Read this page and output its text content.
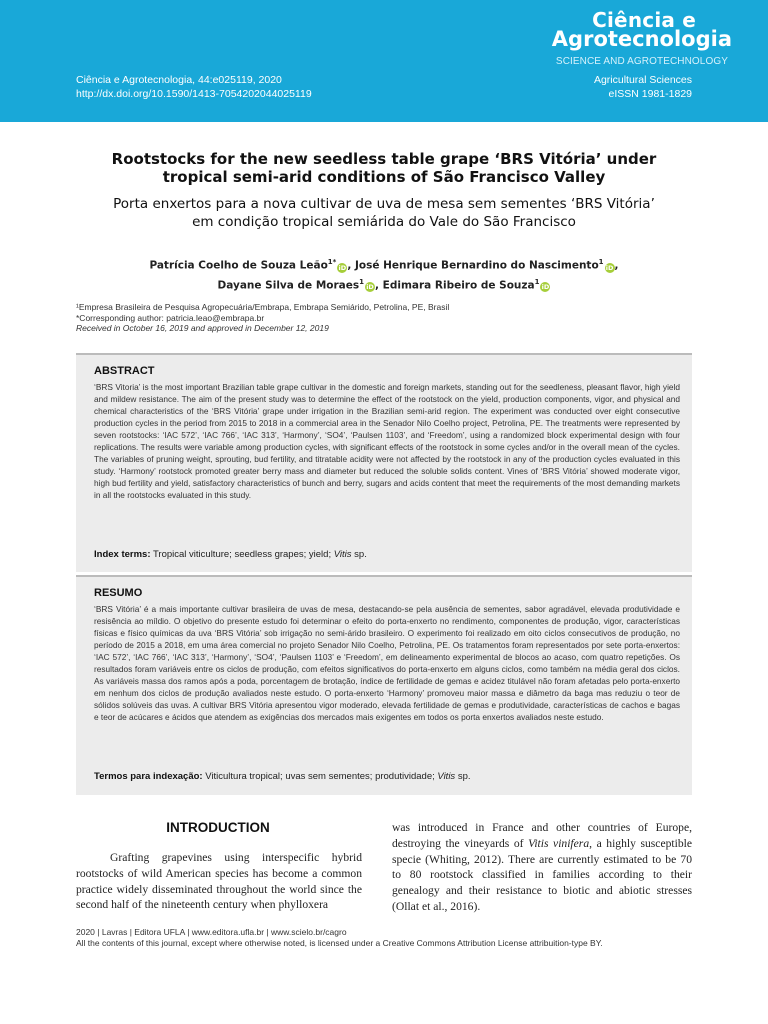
Ciência e
Agrotecnologia
SCIENCE AND AGROTECHNOLOGY
Ciência e Agrotecnologia, 44:e025119, 2020
http://dx.doi.org/10.1590/1413-7054202044025119
Agricultural Sciences
eISSN 1981-1829
Rootstocks for the new seedless table grape ‘BRS Vitória’ under
tropical semi-arid conditions of São Francisco Valley
Porta enxertos para a nova cultivar de uva de mesa sem sementes ‘BRS Vitória’
em condição tropical semiárida do Vale do São Francisco
Patrícia Coelho de Souza Leão$^{1*}$iD, José Henrique Bernardino do Nascimento$^1$iD,
Dayane Silva de Moraes$^1$iD, Edimara Ribeiro de Souza$^1$iD
¹Empresa Brasileira de Pesquisa Agropecuária/Embrapa, Embrapa Semiárido, Petrolina, PE, Brasil
*Corresponding author: patricia.leao@embrapa.br
Received in October 16, 2019 and approved in December 12, 2019
ABSTRACT

‘BRS Vitoria’ is the most important Brazilian table grape cultivar in the domestic and foreign markets, standing out for the seedleness, pleasant flavor, high yield and mildew resistance. The aim of the present study was to determine the effect of the rootstock on the yield, production components, vigor, and physical and chemical characteristics of the ‘BRS Vitória’ grape under irrigation in the Brazilian semi-arid region. The experiment was conducted over eight consecutive production cycles in the period from 2015 to 2018 in a commercial area in the Senador Nilo Coelho project, Petrolina, PE. The treatments were represented by seven rootstocks: ‘IAC 572’, ‘IAC 766’, ‘IAC 313’, ‘Harmony’, ‘SO4’, ‘Paulsen 1103’, and ‘Freedom’, using a randomized block experimental design with four replications. The results were variable among production cycles, with significant effects of the rootstock in some cycles and/or in the overall mean of the cycles. The variables of pruning weight, sprouting, bud fertility, and titratable acidity were not affected by the rootstock in any of the production cycles evaluated in this study. ‘Harmony’ rootstock promoted greater berry mass and diameter but reduced the soluble solids content. Vines of ‘BRS Vitória’ showed moderate vigor, high bud fertility and yield, satisfactory characteristics of bunch and berry, sugars and acids content that meet the requirements of the most demanding markets in all the rootstocks evaluated in this study.

Index terms: Tropical viticulture; seedless grapes; yield; Vitis sp.
RESUMO

‘BRS Vitória’ é a mais importante cultivar brasileira de uvas de mesa, destacando-se pela ausência de sementes, sabor agradável, elevada produtividade e resisência ao míldio. O objetivo do presente estudo foi determinar o efeito do porta-enxerto no rendimento, componentes de produção, vigor, características físicas e físico químicas da uva ‘BRS Vitória’ sob irrigação no semi-árido brasileiro. O experimento foi realizado em oito ciclos consecutivos de produção, no período de 2015 a 2018, em uma área comercial no projeto Senador Nilo Coelho, Petrolina, PE. Os tratamentos foram representados por sete porta-enxertos: ‘IAC 572’, ‘IAC 766’, ‘IAC 313’, ‘Harmony’, ‘SO4’, ‘Paulsen 1103’ e ‘Freedom’, em delineamento experimental de blocos ao acaso, com quatro repetições. Os resultados foram variáveis entre os ciclos de produção, com efeitos significativos do porta-enxerto em alguns ciclos, como também na média geral dos ciclos. As variáveis massa dos ramos após a poda, porcentagem de brotação, índice de fertilidade de gemas e acidez titulável não foram afetadas pelo porta-enxerto em nenhum dos ciclos de produção avaliados neste estudo. O porta-enxerto ‘Harmony’ promoveu maior massa e diâmetro da baga mas reduziu o teor de sólidos solúveis das uvas. A cultivar BRS Vitória apresentou vigor moderado, elevada fertilidade de gemas e produtividade, características de cachos e bagas e teor de acúcares e ácidos que atendem as exigências dos mercados mais exigentes em todos os porta enxertos avaliados neste estudo.

Termos para indexação: Viticultura tropical; uvas sem sementes; produtividade; Vitis sp.
INTRODUCTION

Grafting grapevines using interspecific hybrid rootstocks of wild American species has become a common practice widely disseminated throughout the world since the second half of the nineteenth century when phylloxera

was introduced in France and other countries of Europe, destroying the vineyards of Vitis vinifera, a highly susceptible specie (Whiting, 2012). There are currently estimated to be 70 to 80 rootstock classified in families according to their genealogy and their resistance to biotic and abiotic stresses (Ollat et al., 2016).

2020 | Lavras | Editora UFLA | www.editora.ufla.br | www.scielo.br/cagro
All the contents of this journal, except where otherwise noted, is licensed under a Creative Commons Attribution License attribuition-type BY.
